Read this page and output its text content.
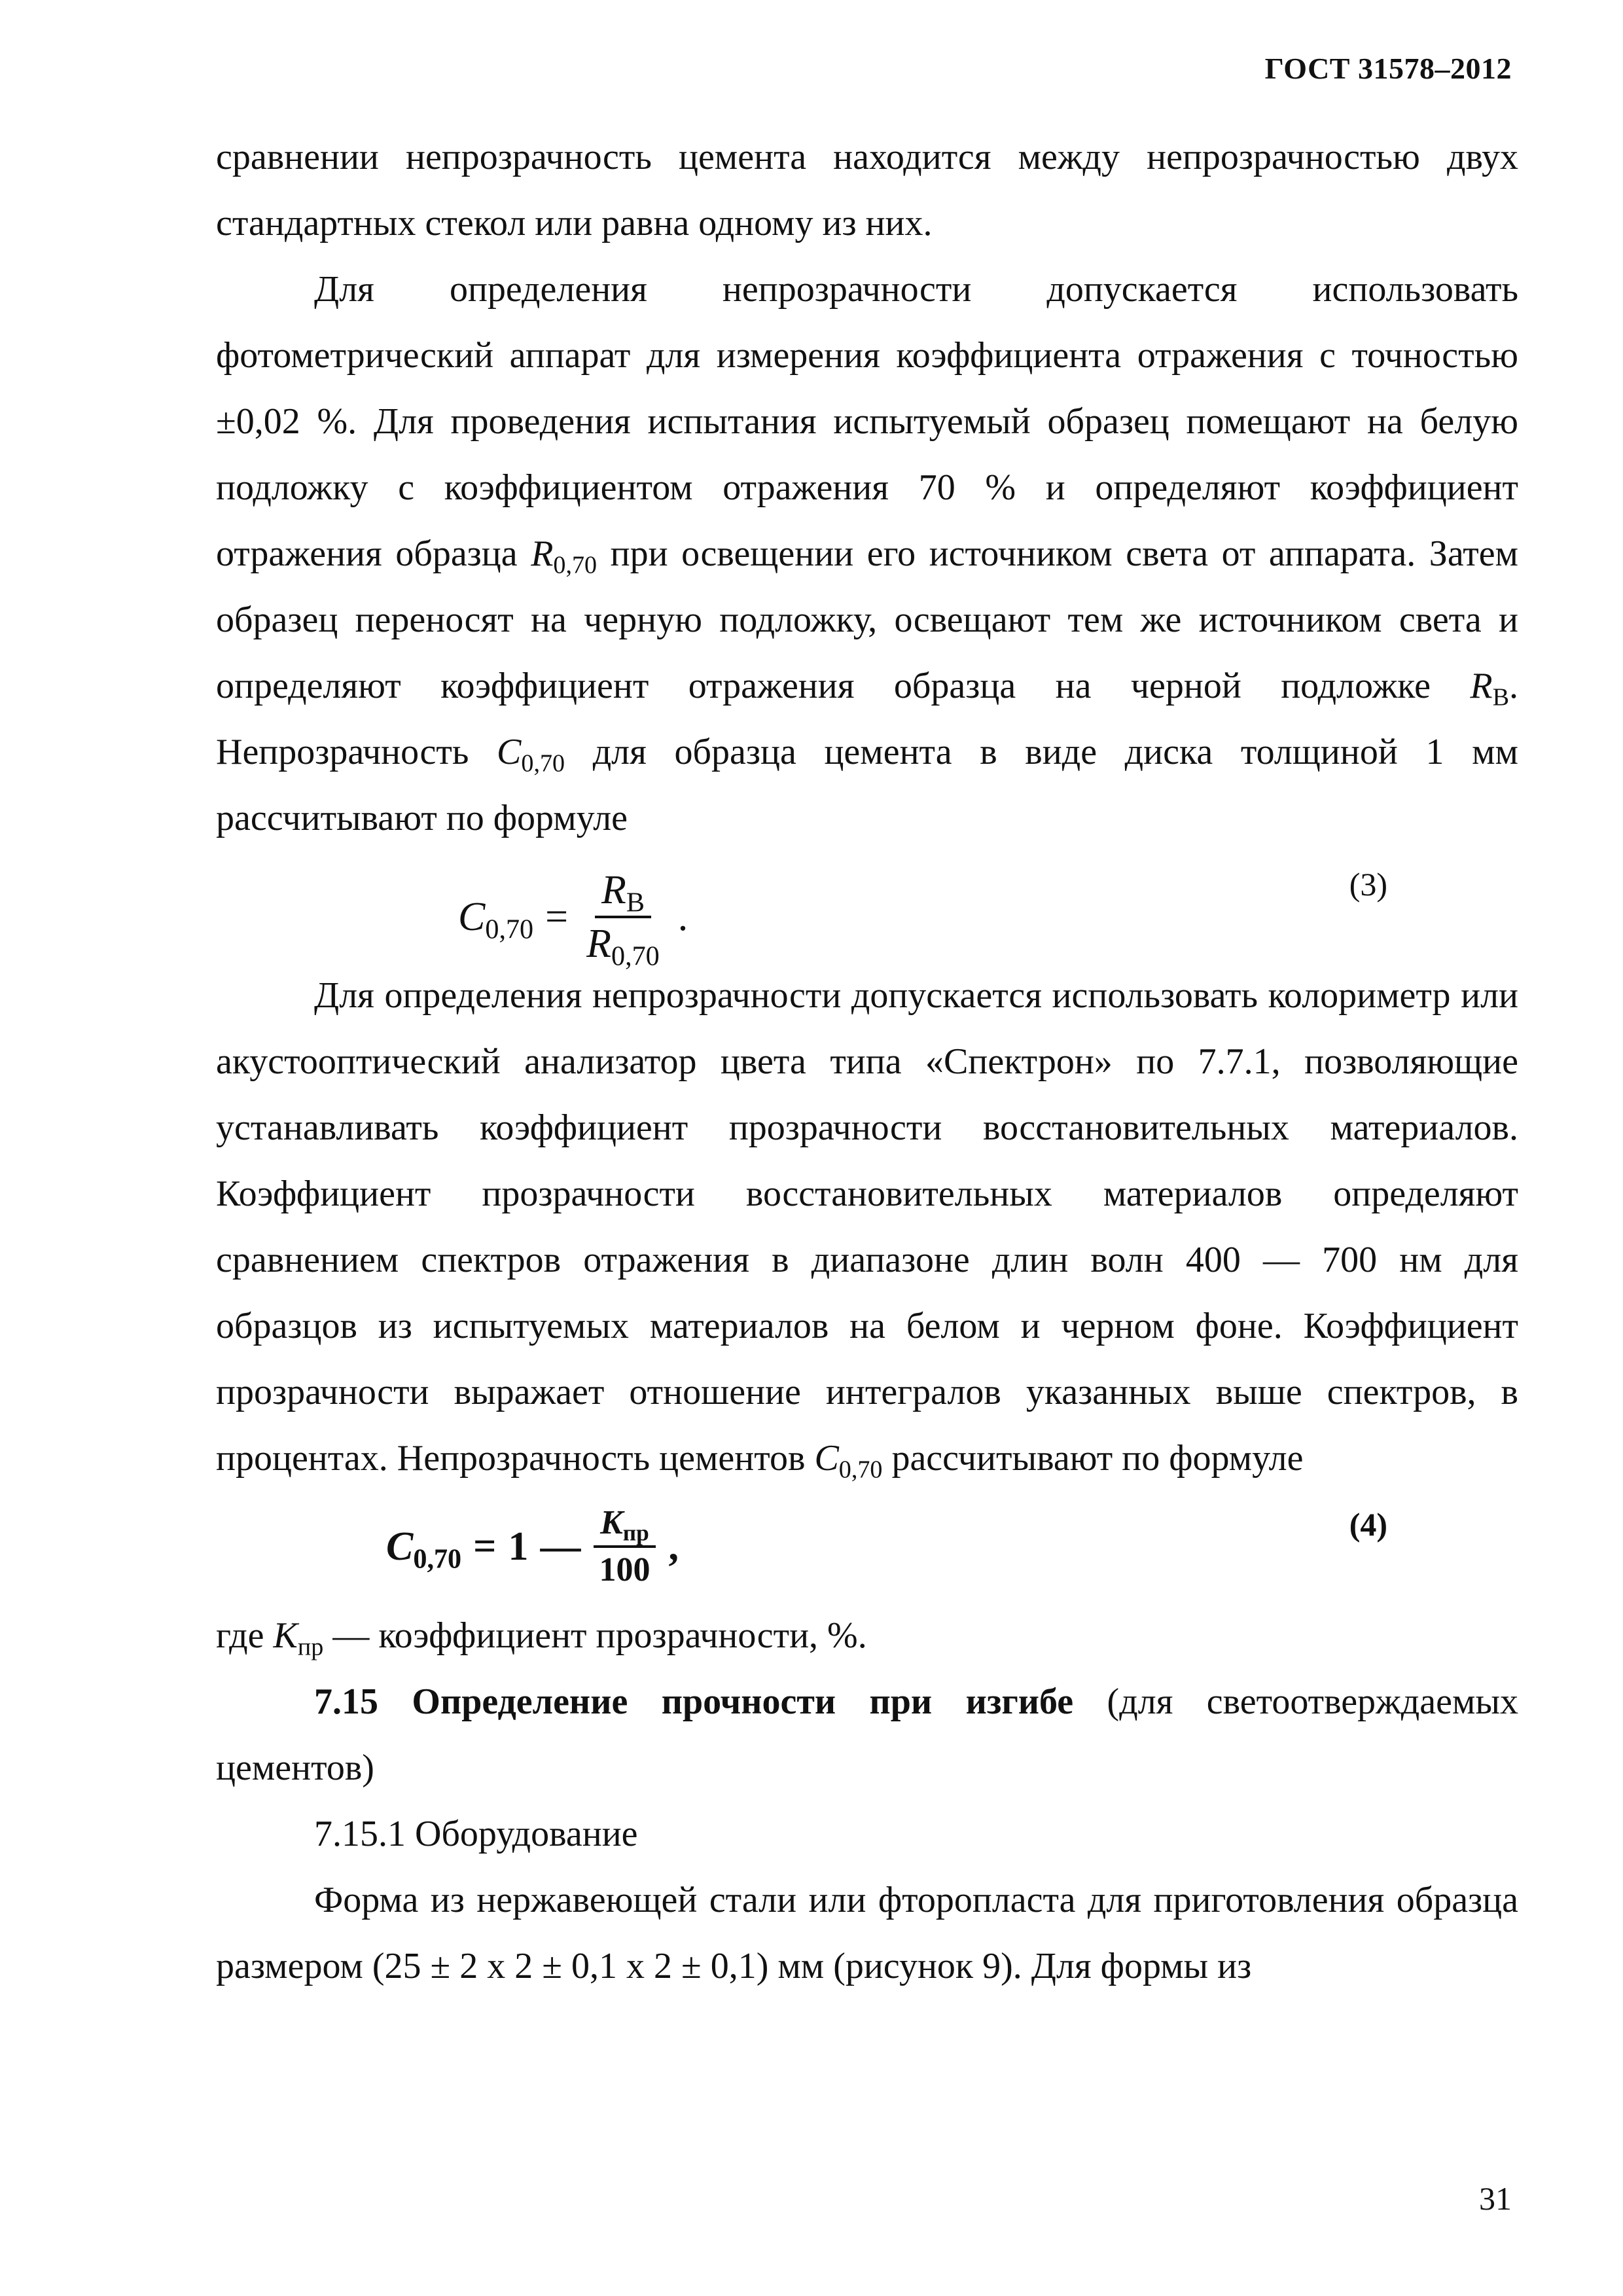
ГОСТ 31578–2012

сравнении непрозрачность цемента находится между непрозрачностью двух стандартных стекол или равна одному из них.

Для определения непрозрачности допускается использовать фотометрический аппарат для измерения коэффициента отражения с точностью ±0,02 %. Для проведения испытания испытуемый образец помещают на белую подложку с коэффициентом отражения 70 % и определяют коэффициент отражения образца $R_{0,70}$ при освещении его источником света от аппарата. Затем образец переносят на черную подложку, освещают тем же источником света и определяют коэффициент отражения образца на черной подложке $R_B$. Непрозрачность $C_{0,70}$ для образца цемента в виде диска толщиной 1 мм рассчитывают по формуле

$C_{0,70} = \frac{R_B}{R_{0,70}}$ .
(3)

Для определения непрозрачности допускается использовать колориметр или акустооптический анализатор цвета типа «Спектрон» по 7.7.1, позволяющие устанавливать коэффициент прозрачности восстановительных материалов. Коэффициент прозрачности восстановительных материалов определяют сравнением спектров отражения в диапазоне длин волн 400 — 700 нм для образцов из испытуемых материалов на белом и черном фоне. Коэффициент прозрачности выражает отношение интегралов указанных выше спектров, в процентах. Непрозрачность цементов $C_{0,70}$ рассчитывают по формуле

$C_{0,70} = 1$ — $\frac{K_{пр}}{100}$ ,	(4)

где $K_{пр}$ — коэффициент прозрачности, %.

7.15 Определение прочности при изгибе (для светоотверждаемых цементов)

7.15.1 Оборудование

Форма из нержавеющей стали или фторопласта для приготовления образца размером (25 ± 2 x 2 ± 0,1 x 2 ± 0,1) мм (рисунок 9). Для формы из

31
